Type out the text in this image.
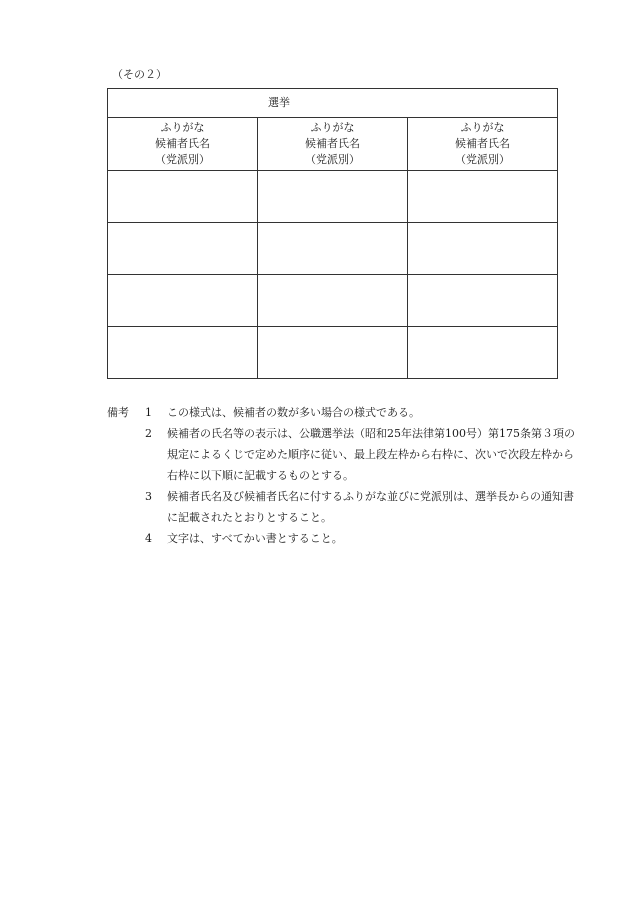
（その２）
選挙		

ふりがな
候補者氏名
（党派別）	ふりがな
候補者氏名
（党派別）	ふりがな
候補者氏名
（党派別）

備考 1 この様式は、候補者の数が多い場合の様式である。
2 候補者の氏名等の表示は、公職選挙法（昭和25年法律第100号）第175条第３項の規定によるくじで定めた順序に従い、最上段左枠から右枠に、次いで次段左枠から右枠に以下順に記載するものとする。
3 候補者氏名及び候補者氏名に付するふりがな並びに党派別は、選挙長からの通知書に記載されたとおりとすること。
4 文字は、すべてかい書とすること。
